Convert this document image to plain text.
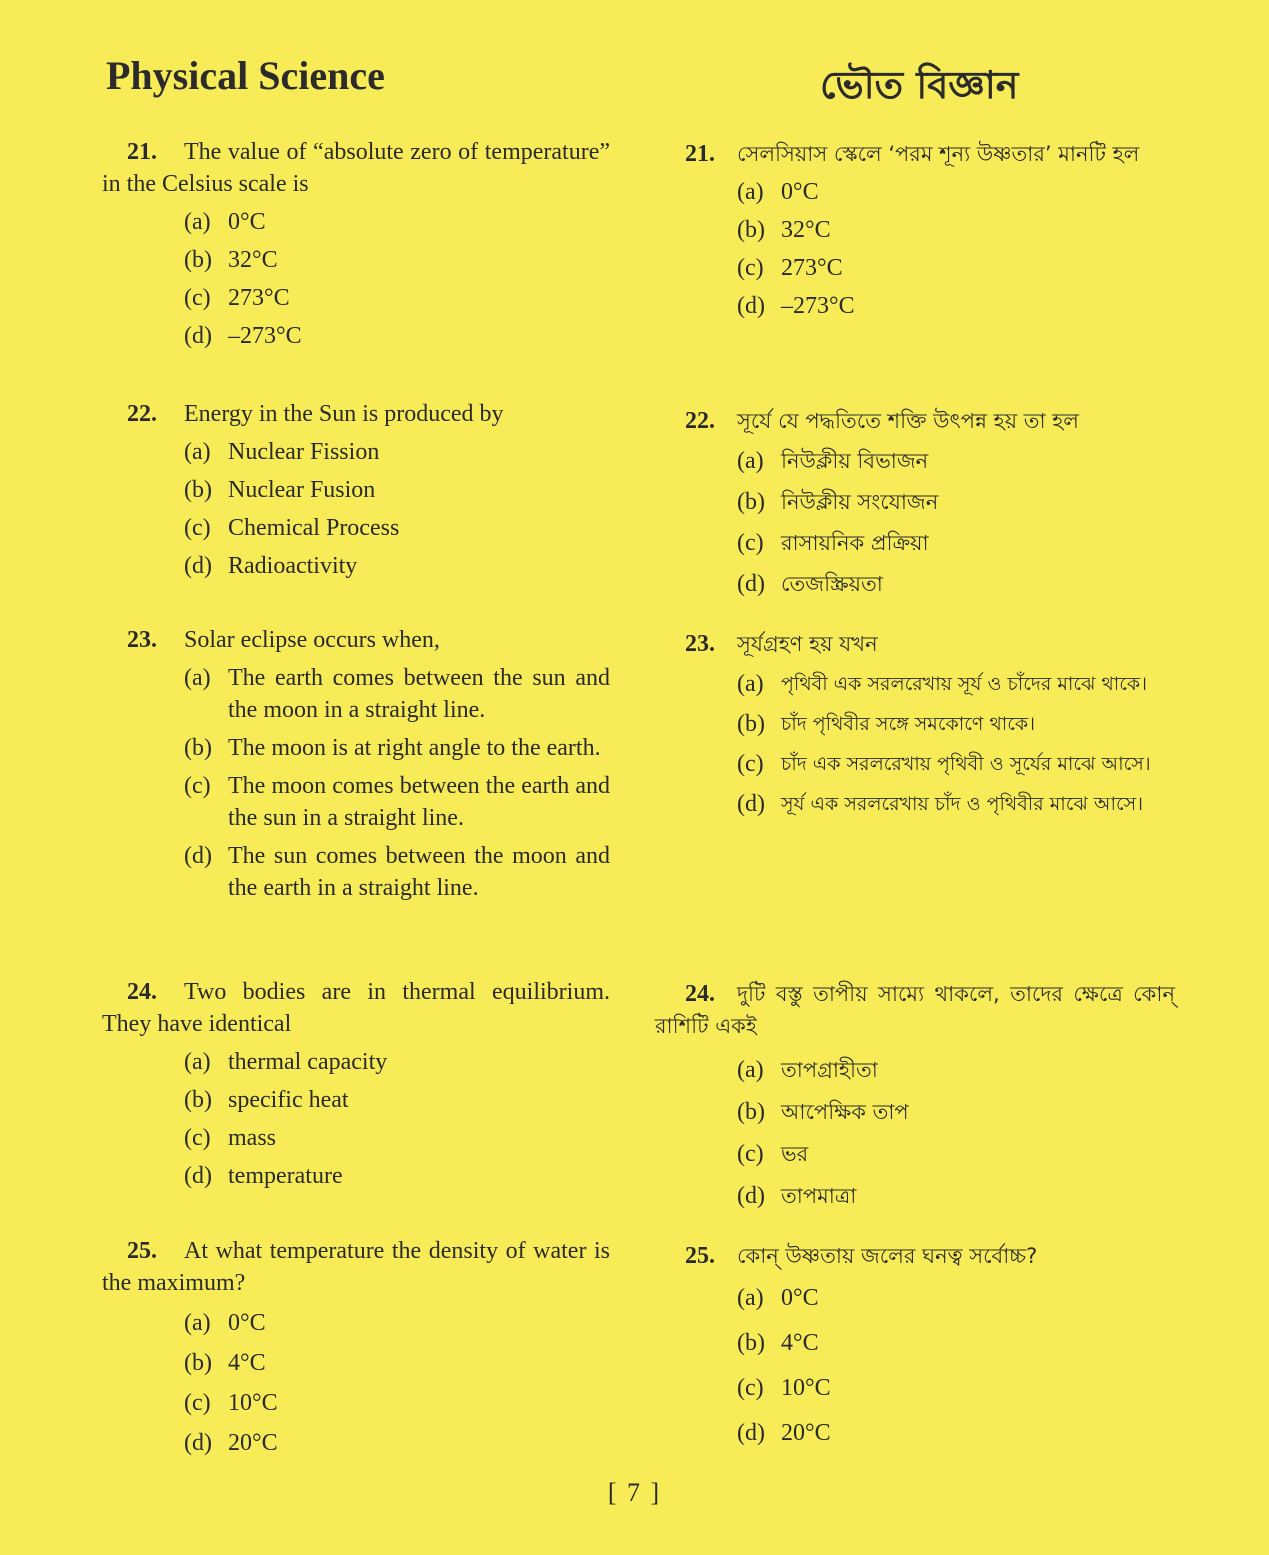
Physical Science	ভৌত বিজ্ঞান
21. The value of “absolute zero of temperature” in the Celsius scale is
(a) 0°C
(b) 32°C
(c) 273°C
(d) –273°C
22. Energy in the Sun is produced by
(a) Nuclear Fission
(b) Nuclear Fusion
(c) Chemical Process
(d) Radioactivity
23. Solar eclipse occurs when,
(a) The earth comes between the sun and the moon in a straight line.
(b) The moon is at right angle to the earth.
(c) The moon comes between the earth and the sun in a straight line.
(d) The sun comes between the moon and the earth in a straight line.
24. Two bodies are in thermal equilibrium. They have identical
(a) thermal capacity
(b) specific heat
(c) mass
(d) temperature
25. At what temperature the density of water is the maximum?
(a) 0°C
(b) 4°C
(c) 10°C
(d) 20°C
21. সেলসিয়াস স্কেলে ‘পরম শূন্য উষ্ণতার’ মানটি হল
(a) 0°C
(b) 32°C
(c) 273°C
(d) –273°C
22. সূর্যে যে পদ্ধতিতে শক্তি উৎপন্ন হয় তা হল
(a) নিউক্লীয় বিভাজন
(b) নিউক্লীয় সংযোজন
(c) রাসায়নিক প্রক্রিয়া
(d) তেজস্ক্রিয়তা
23. সূর্যগ্রহণ হয় যখন
(a) পৃথিবী এক সরলরেখায় সূর্য ও চাঁদের মাঝে থাকে।
(b) চাঁদ পৃথিবীর সঙ্গে সমকোণে থাকে।
(c) চাঁদ এক সরলরেখায় পৃথিবী ও সূর্যের মাঝে আসে।
(d) সূর্য এক সরলরেখায় চাঁদ ও পৃথিবীর মাঝে আসে।
24. দুটি বস্তু তাপীয় সাম্যে থাকলে, তাদের ক্ষেত্রে কোন্ রাশিটি একই
(a) তাপগ্রাহীতা
(b) আপেক্ষিক তাপ
(c) ভর
(d) তাপমাত্রা
25. কোন্ উষ্ণতায় জলের ঘনত্ব সর্বোচ্চ?
(a) 0°C
(b) 4°C
(c) 10°C
(d) 20°C
[ 7 ]
